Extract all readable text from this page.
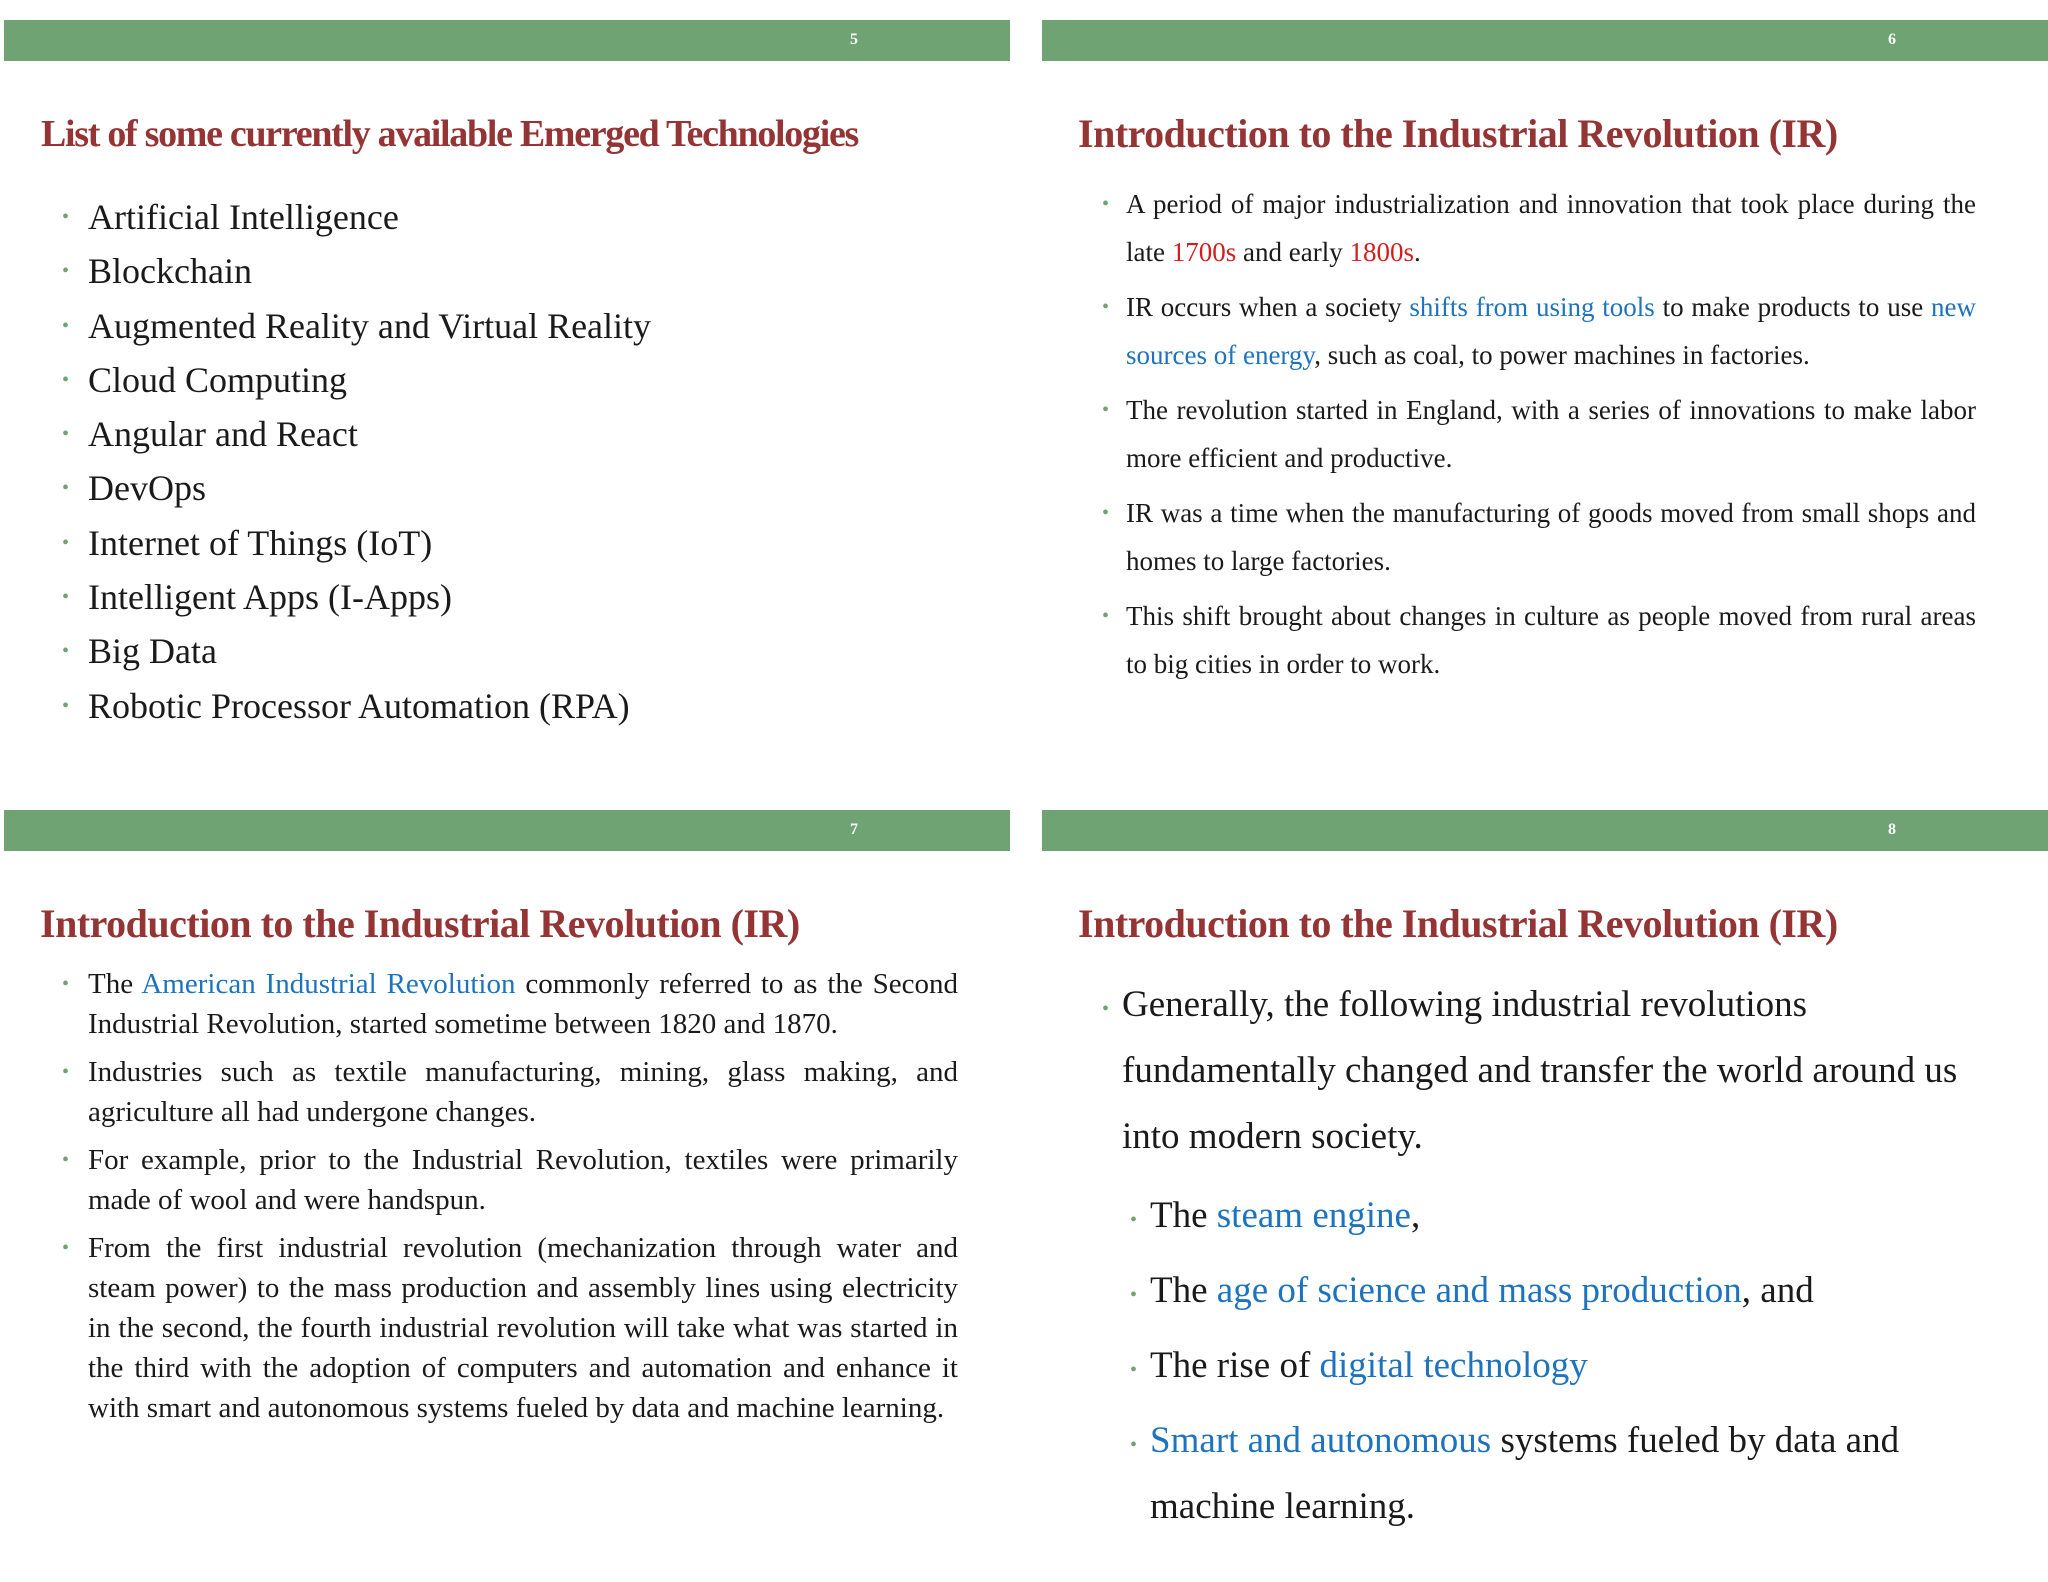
5
List of some currently available Emerged Technologies
• Artificial Intelligence
• Blockchain
• Augmented Reality and Virtual Reality
• Cloud Computing
• Angular and React
• DevOps
• Internet of Things (IoT)
• Intelligent Apps (I-Apps)
• Big Data
• Robotic Processor Automation (RPA)
6
Introduction to the Industrial Revolution (IR)
• A period of major industrialization and innovation that took place during the late 1700s and early 1800s.
• IR occurs when a society shifts from using tools to make products to use new sources of energy, such as coal, to power machines in factories.
• The revolution started in England, with a series of innovations to make labor more efficient and productive.
• IR was a time when the manufacturing of goods moved from small shops and homes to large factories.
• This shift brought about changes in culture as people moved from rural areas to big cities in order to work.
7
Introduction to the Industrial Revolution (IR)
• The American Industrial Revolution commonly referred to as the Second Industrial Revolution, started sometime between 1820 and 1870.
• Industries such as textile manufacturing, mining, glass making, and agriculture all had undergone changes.
• For example, prior to the Industrial Revolution, textiles were primarily made of wool and were handspun.
• From the first industrial revolution (mechanization through water and steam power) to the mass production and assembly lines using electricity in the second, the fourth industrial revolution will take what was started in the third with the adoption of computers and automation and enhance it with smart and autonomous systems fueled by data and machine learning.
8
Introduction to the Industrial Revolution (IR)
• Generally, the following industrial revolutions fundamentally changed and transfer the world around us into modern society.
• The steam engine,
• The age of science and mass production, and
• The rise of digital technology
• Smart and autonomous systems fueled by data and machine learning.
